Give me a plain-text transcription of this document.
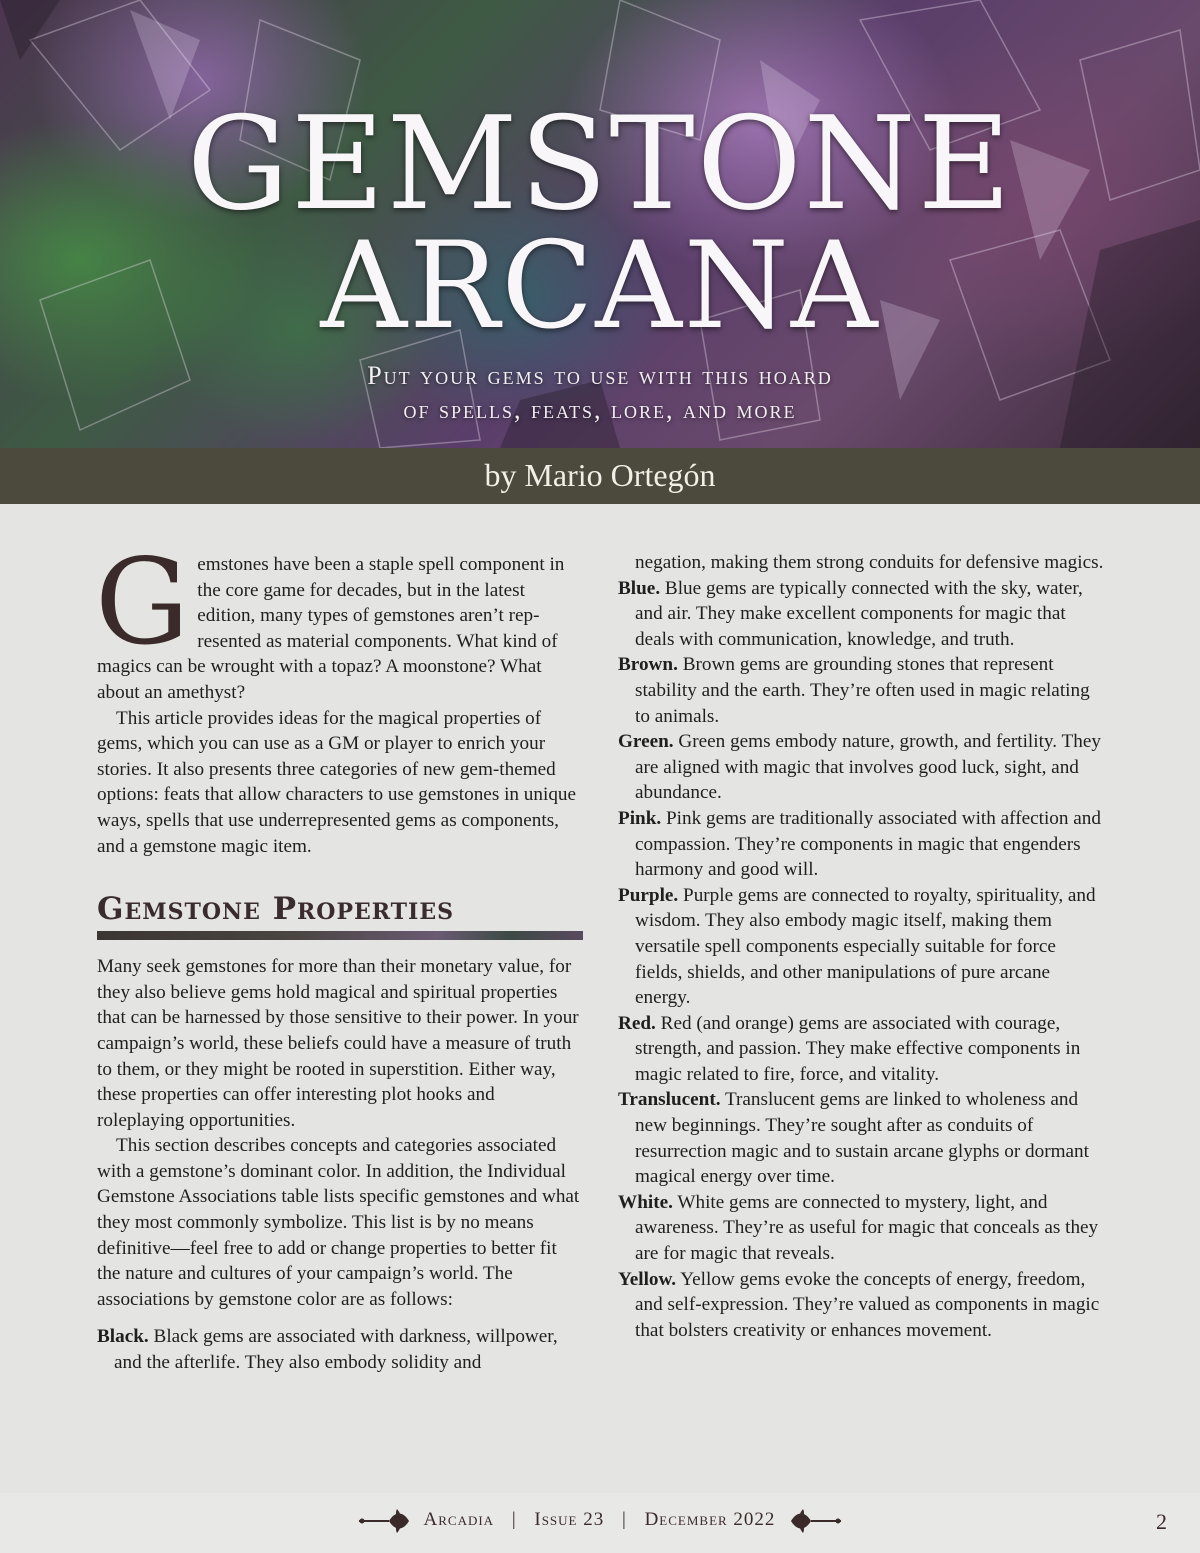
GEMSTONE
ARCANA

Put your gems to use with this hoard

of spells, feats, lore, and more

by Mario Ortegón

Gemstones have been a staple spell component in the core game for decades, but in the latest edition, many types of gemstones aren’t represented as material components. What kind of magics can be wrought with a topaz? A moonstone? What about an amethyst?

This article provides ideas for the magical properties of gems, which you can use as a GM or player to enrich your stories. It also presents three categories of new gem-themed options: feats that allow characters to use gemstones in unique ways, spells that use underrepresented gems as components, and a gemstone magic item.

Gemstone Properties

Many seek gemstones for more than their monetary value, for they also believe gems hold magical and spiritual properties that can be harnessed by those sensitive to their power. In your campaign’s world, these beliefs could have a measure of truth to them, or they might be rooted in superstition. Either way, these properties can offer interesting plot hooks and roleplaying opportunities.

This section describes concepts and categories associated with a gemstone’s dominant color. In addition, the Individual Gemstone Associations table lists specific gemstones and what they most commonly symbolize. This list is by no means definitive—feel free to add or change properties to better fit the nature and cultures of your campaign’s world. The associations by gemstone color are as follows:

Black. Black gems are associated with darkness, willpower, and the afterlife. They also embody solidity and

negation, making them strong conduits for defensive magics.

Blue. Blue gems are typically connected with the sky, water, and air. They make excellent components for magic that deals with communication, knowledge, and truth.

Brown. Brown gems are grounding stones that represent stability and the earth. They’re often used in magic relating to animals.

Green. Green gems embody nature, growth, and fertility. They are aligned with magic that involves good luck, sight, and abundance.

Pink. Pink gems are traditionally associated with affection and compassion. They’re components in magic that engenders harmony and good will.

Purple. Purple gems are connected to royalty, spirituality, and wisdom. They also embody magic itself, making them versatile spell components especially suitable for force fields, shields, and other manipulations of pure arcane energy.

Red. Red (and orange) gems are associated with courage, strength, and passion. They make effective components in magic related to fire, force, and vitality.

Translucent. Translucent gems are linked to wholeness and new beginnings. They’re sought after as conduits of resurrection magic and to sustain arcane glyphs or dormant magical energy over time.

White. White gems are connected to mystery, light, and awareness. They’re as useful for magic that conceals as they are for magic that reveals.

Yellow. Yellow gems evoke the concepts of energy, freedom, and self-expression. They’re valued as components in magic that bolsters creativity or enhances movement.

Arcadia | Issue 23 | December 2022	2
